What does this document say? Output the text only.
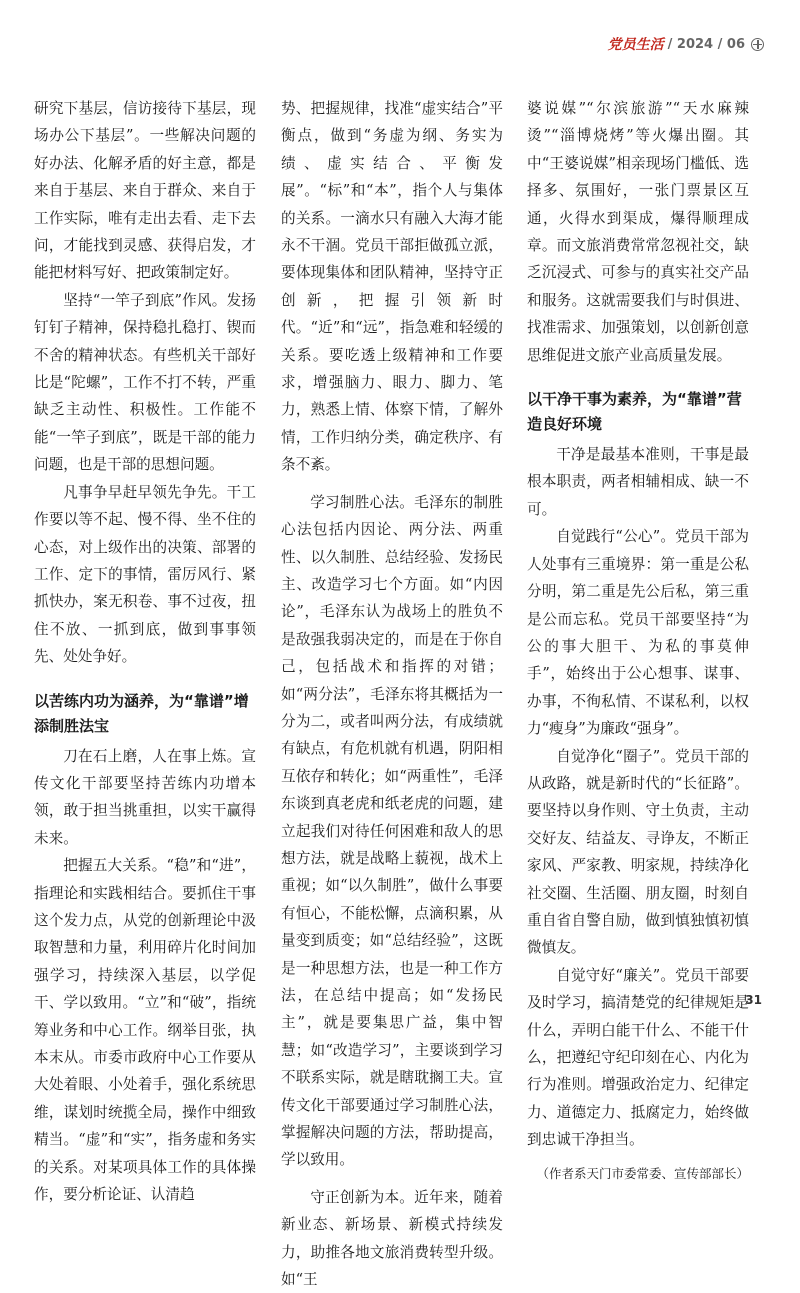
党员生活 / 2024 / 06

研究下基层，信访接待下基层，现场办公下基层”。一些解决问题的好办法、化解矛盾的好主意，都是来自于基层、来自于群众、来自于工作实际，唯有走出去看、走下去问，才能找到灵感、获得启发，才能把材料写好、把政策制定好。

坚持“一竿子到底”作风。发扬钉钉子精神，保持稳扎稳打、锲而不舍的精神状态。有些机关干部好比是“陀螺”，工作不打不转，严重缺乏主动性、积极性。工作能不能“一竿子到底”，既是干部的能力问题，也是干部的思想问题。

凡事争早赶早领先争先。干工作要以等不起、慢不得、坐不住的心态，对上级作出的决策、部署的工作、定下的事情，雷厉风行、紧抓快办，案无积卷、事不过夜，扭住不放、一抓到底，做到事事领先、处处争好。

以苦练内功为涵养，为“靠谱”增添制胜法宝

刀在石上磨，人在事上炼。宣传文化干部要坚持苦练内功增本领，敢于担当挑重担，以实干赢得未来。

把握五大关系。“稳”和“进”，指理论和实践相结合。要抓住干事这个发力点，从党的创新理论中汲取智慧和力量，利用碎片化时间加强学习，持续深入基层，以学促干、学以致用。“立”和“破”，指统筹业务和中心工作。纲举目张，执本末从。市委市政府中心工作要从大处着眼、小处着手，强化系统思维，谋划时统揽全局，操作中细致精当。“虚”和“实”，指务虚和务实的关系。对某项具体工作的具体操作，要分析论证、认清趋

势、把握规律，找准“虚实结合”平衡点，做到“务虚为纲、务实为绩、虚实结合、平衡发展”。“标”和“本”，指个人与集体的关系。一滴水只有融入大海才能永不干涸。党员干部拒做孤立派，要体现集体和团队精神，坚持守正创新，把握引领新时代。“近”和“远”，指急难和轻缓的关系。要吃透上级精神和工作要求，增强脑力、眼力、脚力、笔力，熟悉上情、体察下情，了解外情，工作归纳分类，确定秩序、有条不紊。

学习制胜心法。毛泽东的制胜心法包括内因论、两分法、两重性、以久制胜、总结经验、发扬民主、改造学习七个方面。如“内因论”，毛泽东认为战场上的胜负不是敌强我弱决定的，而是在于你自己，包括战术和指挥的对错；如“两分法”，毛泽东将其概括为一分为二，或者叫两分法，有成绩就有缺点，有危机就有机遇，阴阳相互依存和转化；如“两重性”，毛泽东谈到真老虎和纸老虎的问题，建立起我们对待任何困难和敌人的思想方法，就是战略上藐视，战术上重视；如“以久制胜”，做什么事要有恒心，不能松懈，点滴积累，从量变到质变；如“总结经验”，这既是一种思想方法，也是一种工作方法，在总结中提高；如“发扬民主”，就是要集思广益，集中智慧；如“改造学习”，主要谈到学习不联系实际，就是瞎耽搁工夫。宣传文化干部要通过学习制胜心法，掌握解决问题的方法，帮助提高，学以致用。

守正创新为本。近年来，随着新业态、新场景、新模式持续发力，助推各地文旅消费转型升级。如“王

婆说媒”“尔滨旅游”“天水麻辣烫”“淄博烧烤”等火爆出圈。其中“王婆说媒”相亲现场门槛低、选择多、氛围好，一张门票景区互通，火得水到渠成，爆得顺理成章。而文旅消费常常忽视社交，缺乏沉浸式、可参与的真实社交产品和服务。这就需要我们与时俱进、找准需求、加强策划，以创新创意思维促进文旅产业高质量发展。

以干净干事为素养，为“靠谱”营造良好环境

干净是最基本准则，干事是最根本职责，两者相辅相成、缺一不可。

自觉践行“公心”。党员干部为人处事有三重境界：第一重是公私分明，第二重是先公后私，第三重是公而忘私。党员干部要坚持“为公的事大胆干、为私的事莫伸手”，始终出于公心想事、谋事、办事，不徇私情、不谋私利，以权力“瘦身”为廉政“强身”。

自觉净化“圈子”。党员干部的从政路，就是新时代的“长征路”。要坚持以身作则、守土负责，主动交好友、结益友、寻诤友，不断正家风、严家教、明家规，持续净化社交圈、生活圈、朋友圈，时刻自重自省自警自励，做到慎独慎初慎微慎友。

自觉守好“廉关”。党员干部要及时学习，搞清楚党的纪律规矩是什么，弄明白能干什么、不能干什么，把遵纪守纪印刻在心、内化为行为准则。增强政治定力、纪律定力、道德定力、抵腐定力，始终做到忠诚干净担当。

（作者系天门市委常委、宣传部部长）

31
